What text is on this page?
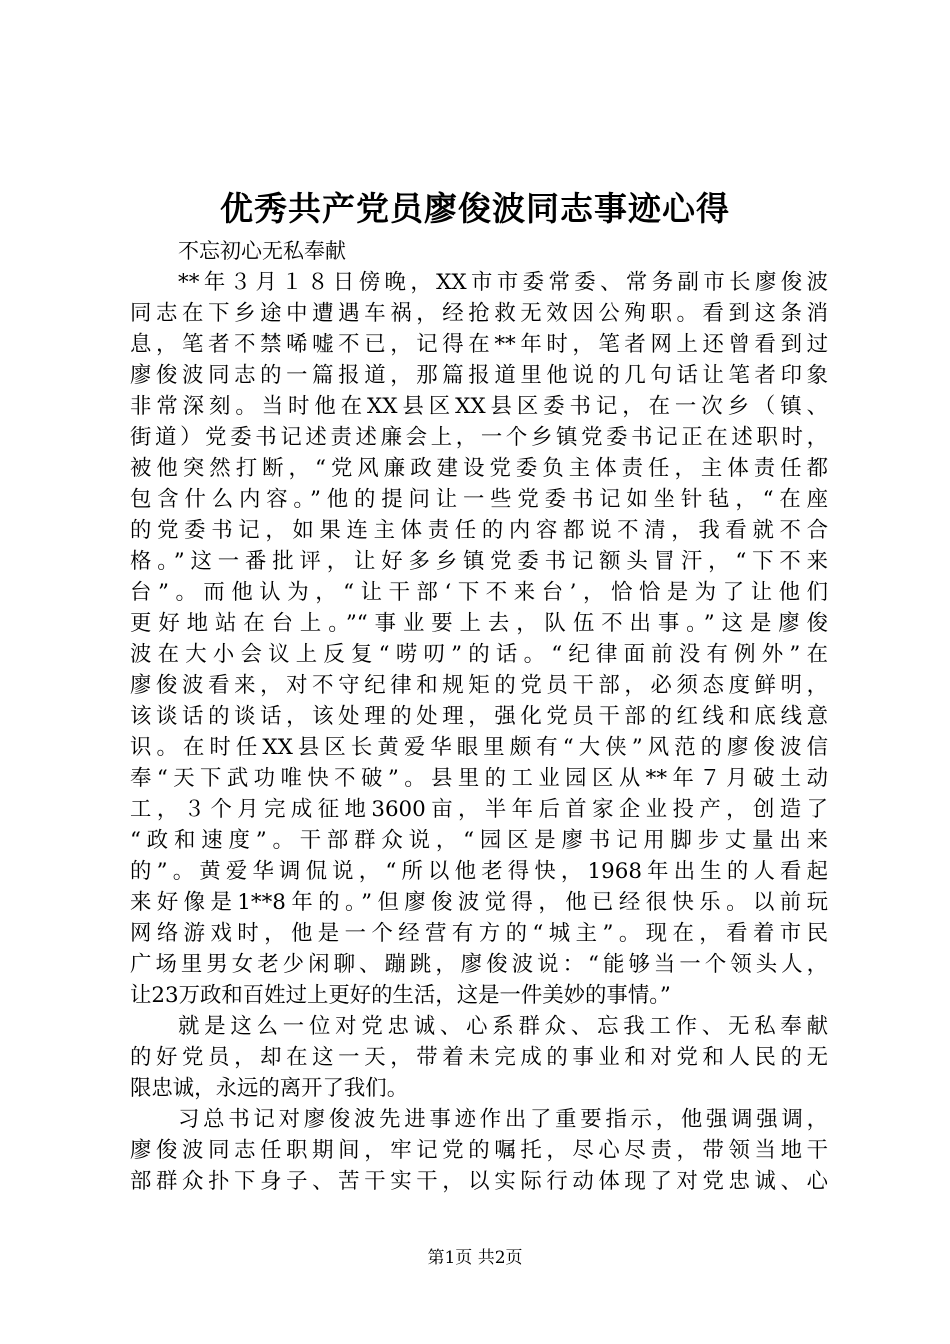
优秀共产党员廖俊波同志事迹心得

不忘初心无私奉献

**年３月１８日傍晚，XX市市委常委、常务副市长廖俊波
同志在下乡途中遭遇车祸，经抢救无效因公殉职。看到这条消
息，笔者不禁唏嘘不已，记得在**年时，笔者网上还曾看到过
廖俊波同志的一篇报道，那篇报道里他说的几句话让笔者印象
非常深刻。当时他在XX县区XX县区委书记，在一次乡（镇、
街道）党委书记述责述廉会上，一个乡镇党委书记正在述职时，
被他突然打断，“党风廉政建设党委负主体责任，主体责任都
包含什么内容。”他的提问让一些党委书记如坐针毡，“在座
的党委书记，如果连主体责任的内容都说不清，我看就不合
格。”这一番批评，让好多乡镇党委书记额头冒汗，“下不来
台”。而他认为，“让干部‘下不来台’，恰恰是为了让他们
更好地站在台上。”“事业要上去，队伍不出事。”这是廖俊
波在大小会议上反复“唠叨”的话。“纪律面前没有例外”在
廖俊波看来，对不守纪律和规矩的党员干部，必须态度鲜明，
该谈话的谈话，该处理的处理，强化党员干部的红线和底线意
识。在时任XX县区长黄爱华眼里颇有“大侠”风范的廖俊波信
奉“天下武功唯快不破”。县里的工业园区从**年７月破土动
工，３个月完成征地3600亩，半年后首家企业投产，创造了
“政和速度”。干部群众说，“园区是廖书记用脚步丈量出来
的”。黄爱华调侃说，“所以他老得快，1968年出生的人看起
来好像是1**8年的。”但廖俊波觉得，他已经很快乐。以前玩
网络游戏时，他是一个经营有方的“城主”。现在，看着市民
广场里男女老少闲聊、蹦跳，廖俊波说：“能够当一个领头人，
让23万政和百姓过上更好的生活，这是一件美妙的事情。”

就是这么一位对党忠诚、心系群众、忘我工作、无私奉献
的好党员，却在这一天，带着未完成的事业和对党和人民的无
限忠诚，永远的离开了我们。

习总书记对廖俊波先进事迹作出了重要指示，他强调强调，
廖俊波同志任职期间，牢记党的嘱托，尽心尽责，带领当地干
部群众扑下身子、苦干实干，以实际行动体现了对党忠诚、心

第1页 共2页
